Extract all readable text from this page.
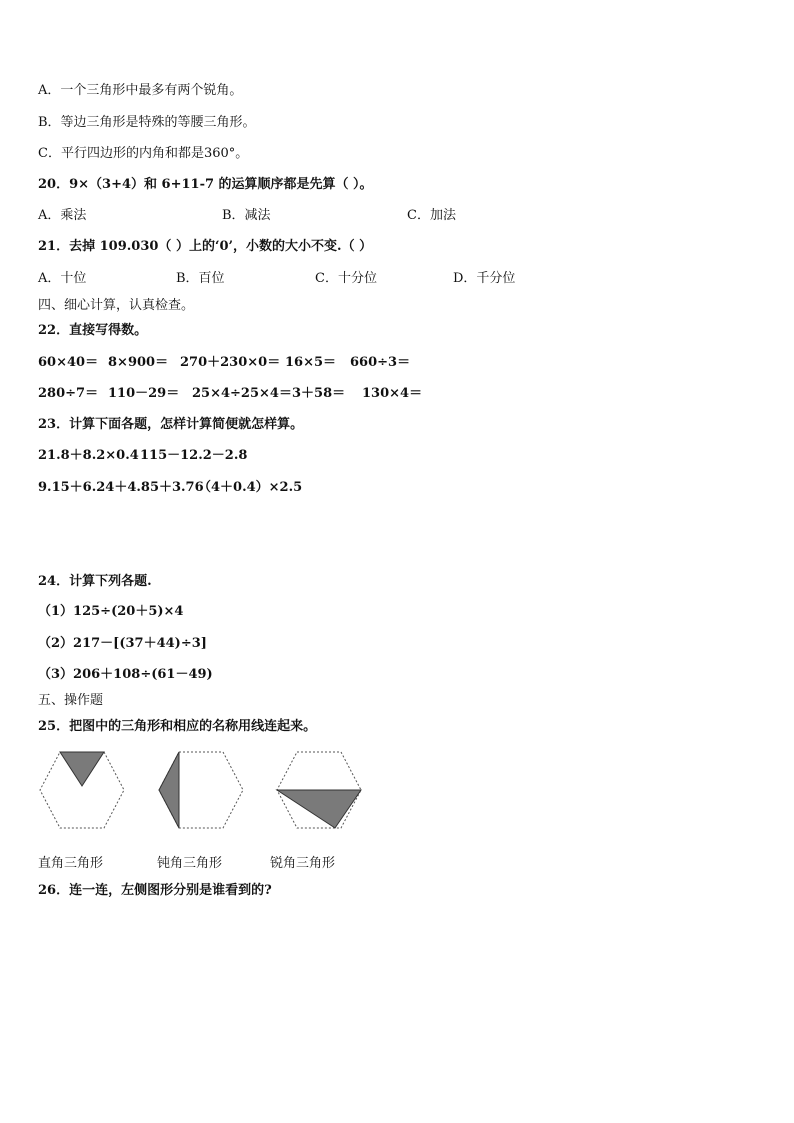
A．一个三角形中最多有两个锐角。
B．等边三角形是特殊的等腰三角形。
C．平行四边形的内角和都是360°。
20．9×（3+4）和 6+11-7 的运算顺序都是先算（ ）。
A．乘法	B．减法	C．加法
21．去掉 109.030（ ）上的‘0’，小数的大小不变.（ ）
A．十位	B．百位	C．十分位	D．千分位
四、细心计算，认真检查。
22．直接写得数。
60×40＝ 8×900＝ 270＋230×0＝ 16×5＝ 660÷3＝
280÷7＝ 110－29＝ 25×4÷25×4＝ 3＋58＝ 130×4＝
23．计算下面各题，怎样计算简便就怎样算。
21.8＋8.2×0.4 115－12.2－2.8
9.15＋6.24＋4.85＋3.76
（4＋0.4）×2.5
24．计算下列各题.
（1）125÷(20＋5)×4
（2）217－[(37＋44)÷3]
（3）206＋108÷(61－49)
五、操作题
25．把图中的三角形和相应的名称用线连起来。
直角三角形	钝角三角形	锐角三角形
26．连一连，左侧图形分别是谁看到的?
